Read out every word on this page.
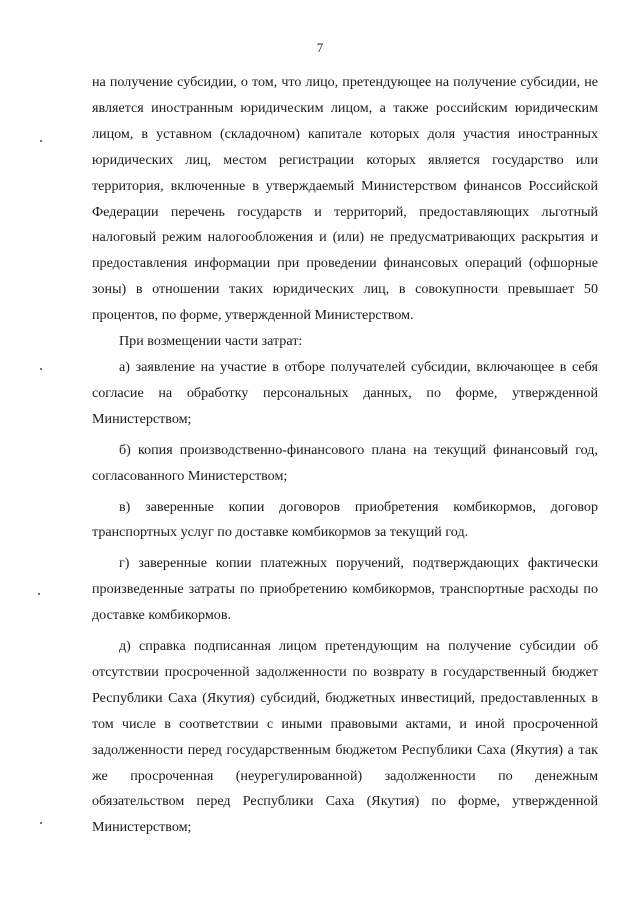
7

на получение субсидии, о том, что лицо, претендующее на получение субсидии, не является иностранным юридическим лицом, а также российским юридическим лицом, в уставном (складочном) капитале которых доля участия иностранных юридических лиц, местом регистрации которых является государство или территория, включенные в утверждаемый Министерством финансов Российской Федерации перечень государств и территорий, предоставляющих льготный налоговый режим налогообложения и (или) не предусматривающих раскрытия и предоставления информации при проведении финансовых операций (офшорные зоны) в отношении таких юридических лиц, в совокупности превышает 50 процентов, по форме, утвержденной Министерством.

При возмещении части затрат:

а) заявление на участие в отборе получателей субсидии, включающее в себя согласие на обработку персональных данных, по форме, утвержденной Министерством;

б) копия производственно-финансового плана на текущий финансовый год, согласованного Министерством;

в) заверенные копии договоров приобретения комбикормов, договор транспортных услуг по доставке комбикормов за текущий год.

г) заверенные копии платежных поручений, подтверждающих фактически произведенные затраты по приобретению комбикормов, транспортные расходы по доставке комбикормов.

д) справка подписанная лицом претендующим на получение субсидии об отсутствии просроченной задолженности по возврату в государственный бюджет Республики Саха (Якутия) субсидий, бюджетных инвестиций, предоставленных в том числе в соответствии с иными правовыми актами, и иной просроченной задолженности перед государственным бюджетом Республики Саха (Якутия) а так же просроченная (неурегулированной) задолженности по денежным обязательством перед Республики Саха (Якутия) по форме, утвержденной Министерством;
